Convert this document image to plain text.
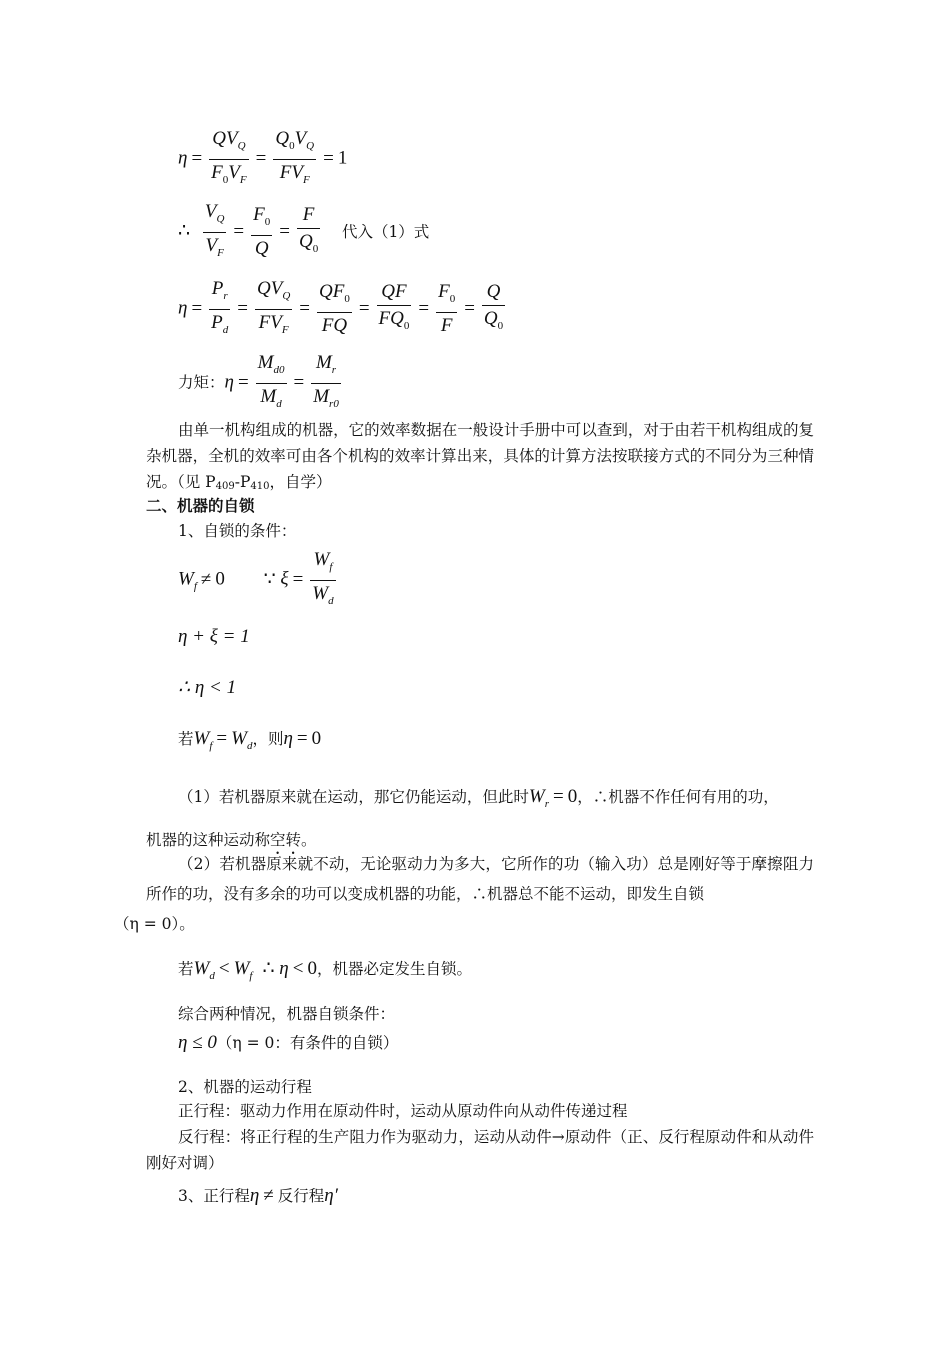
$\eta = \frac{QV_Q}{F_0V_F} = \frac{Q_0V_Q}{FV_F} = 1$
∴ $\frac{V_Q}{V_F} = \frac{F_0}{Q} = \frac{F}{Q_0}$ 代入（1）式
$\eta = \frac{P_r}{P_d} = \frac{QV_Q}{FV_F} = \frac{QF_0}{FQ} = \frac{QF}{FQ_0} = \frac{F_0}{F} = \frac{Q}{Q_0}$
力矩：$\eta = \frac{M_{d0}}{M_d} = \frac{M_r}{M_{r0}}$
由单一机构组成的机器，它的效率数据在一般设计手册中可以查到，对于由若干机构组成的复杂机器，全机的效率可由各个机构的效率计算出来，具体的计算方法按联接方式的不同分为三种情况。（见 P409-P410，自学）
二、机器的自锁
1、自锁的条件：
$W_f \ne 0$ ∵ $\xi = \frac{W_f}{W_d}$
η + ξ = 1
∴ η < 1
若$W_f = W_d$，则η = 0
（1）若机器原来就在运动，那它仍能运动，但此时$W_r = 0$，∴机器不作任何有用的功，
机器的这种运动称空转。
（2）若机器原来就不动，无论驱动力为多大，它所作的功（输入功）总是刚好等于摩擦阻力所作的功，没有多余的功可以变成机器的功能，∴机器总不能不运动，即发生自锁
（η = 0）。
若$W_d < W_f$ ∴ η < 0，机器必定发生自锁。
综合两种情况，机器自锁条件：
η ≤ 0（η = 0：有条件的自锁）
2、机器的运动行程
正行程：驱动力作用在原动件时，运动从原动件向从动件传递过程
反行程：将正行程的生产阻力作为驱动力，运动从动件→原动件（正、反行程原动件和从动件刚好对调）
3、正行程η ≠ 反行程η′
